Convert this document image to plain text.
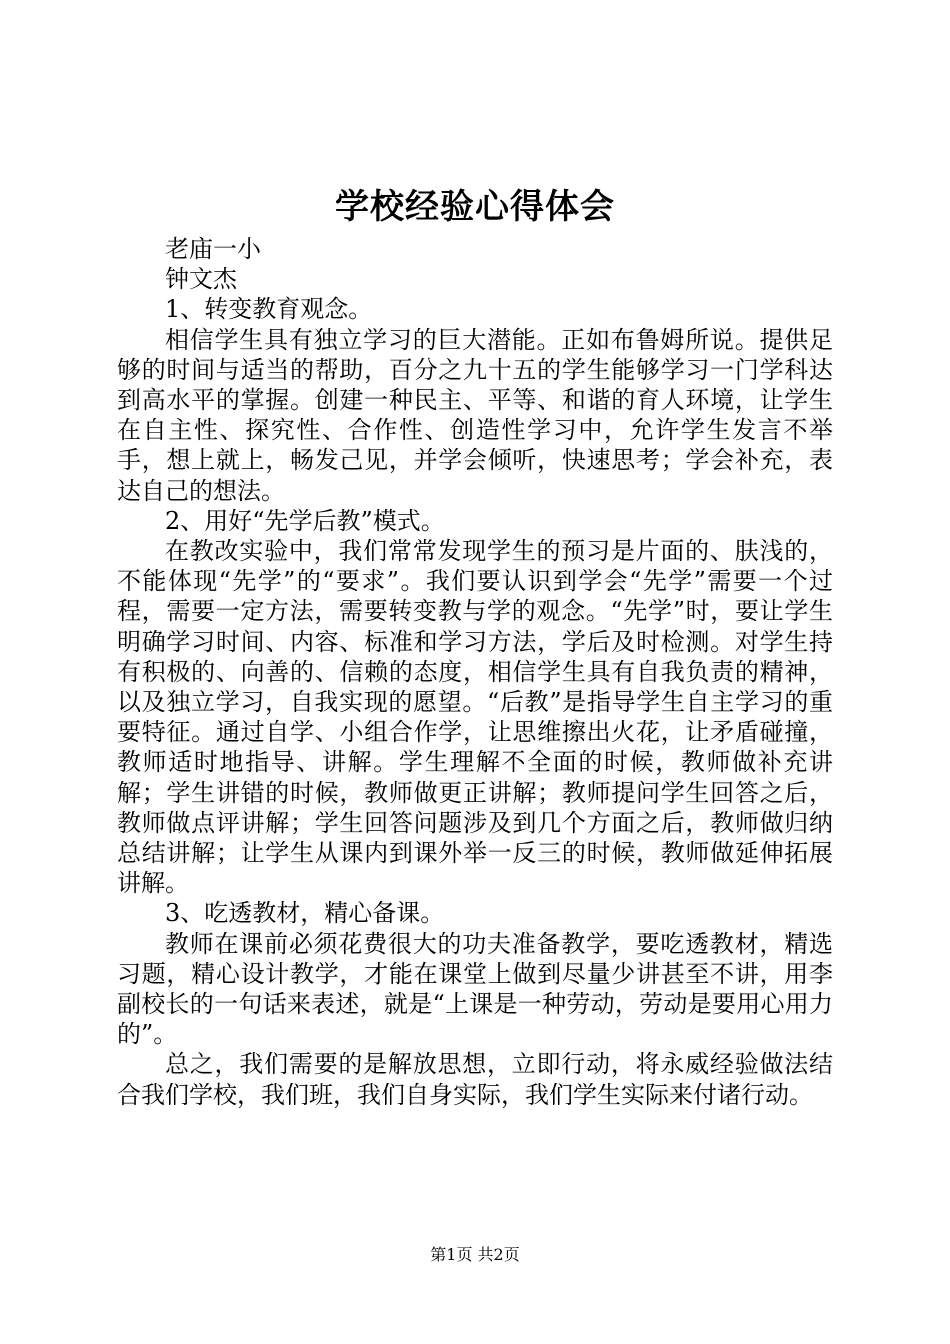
学校经验心得体会

老庙一小

钟文杰

1、转变教育观念。

相信学生具有独立学习的巨大潜能。正如布鲁姆所说。提供足够的时间与适当的帮助，百分之九十五的学生能够学习一门学科达到高水平的掌握。创建一种民主、平等、和谐的育人环境，让学生在自主性、探究性、合作性、创造性学习中，允许学生发言不举手，想上就上，畅发己见，并学会倾听，快速思考；学会补充，表达自己的想法。

2、用好“先学后教”模式。

在教改实验中，我们常常发现学生的预习是片面的、肤浅的，不能体现“先学”的“要求”。我们要认识到学会“先学”需要一个过程，需要一定方法，需要转变教与学的观念。“先学”时，要让学生明确学习时间、内容、标准和学习方法，学后及时检测。对学生持有积极的、向善的、信赖的态度，相信学生具有自我负责的精神，以及独立学习，自我实现的愿望。“后教”是指导学生自主学习的重要特征。通过自学、小组合作学，让思维擦出火花，让矛盾碰撞，教师适时地指导、讲解。学生理解不全面的时候，教师做补充讲解；学生讲错的时候，教师做更正讲解；教师提问学生回答之后，教师做点评讲解；学生回答问题涉及到几个方面之后，教师做归纳总结讲解；让学生从课内到课外举一反三的时候，教师做延伸拓展讲解。

3、吃透教材，精心备课。

教师在课前必须花费很大的功夫准备教学，要吃透教材，精选习题，精心设计教学，才能在课堂上做到尽量少讲甚至不讲，用李副校长的一句话来表述，就是“上课是一种劳动，劳动是要用心用力的”。

总之，我们需要的是解放思想，立即行动，将永威经验做法结合我们学校，我们班，我们自身实际，我们学生实际来付诸行动。

第1页 共2页
